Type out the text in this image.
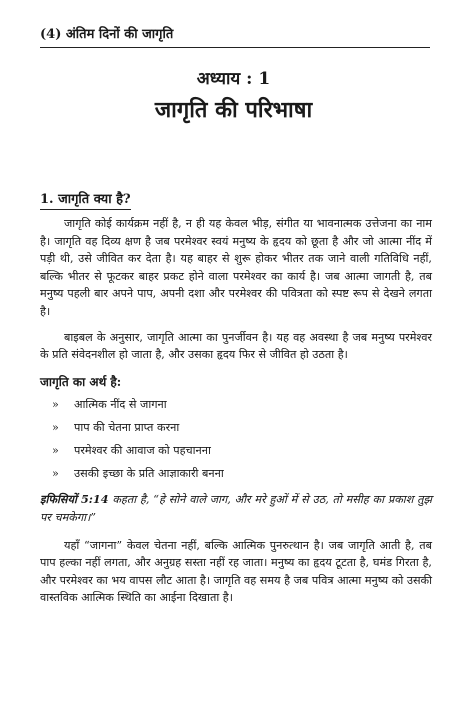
(4) अंतिम दिनों की जागृति
अध्याय : 1
जागृति की परिभाषा
1. जागृति क्या है?

जागृति कोई कार्यक्रम नहीं है, न ही यह केवल भीड़, संगीत या भावनात्मक उत्तेजना का नाम है। जागृति वह दिव्य क्षण है जब परमेश्वर स्वयं मनुष्य के हृदय को छूता है और जो आत्मा नींद में पड़ी थी, उसे जीवित कर देता है। यह बाहर से शुरू होकर भीतर तक जाने वाली गतिविधि नहीं, बल्कि भीतर से फूटकर बाहर प्रकट होने वाला परमेश्वर का कार्य है। जब आत्मा जागती है, तब मनुष्य पहली बार अपने पाप, अपनी दशा और परमेश्वर की पवित्रता को स्पष्ट रूप से देखने लगता है।

बाइबल के अनुसार, जागृति आत्मा का पुनर्जीवन है। यह वह अवस्था है जब मनुष्य परमेश्वर के प्रति संवेदनशील हो जाता है, और उसका हृदय फिर से जीवित हो उठता है।

जागृति का अर्थ है:
» आत्मिक नींद से जागना
» पाप की चेतना प्राप्त करना
» परमेश्वर की आवाज को पहचानना
» उसकी इच्छा के प्रति आज्ञाकारी बनना

इफिसियों 5:14 कहता है, “हे सोने वाले जाग, और मरे हुओं में से उठ, तो मसीह का प्रकाश तुझ पर चमकेगा।”

यहाँ “जागना” केवल चेतना नहीं, बल्कि आत्मिक पुनरुत्थान है। जब जागृति आती है, तब पाप हल्का नहीं लगता, और अनुग्रह सस्ता नहीं रह जाता। मनुष्य का हृदय टूटता है, घमंड गिरता है, और परमेश्वर का भय वापस लौट आता है। जागृति वह समय है जब पवित्र आत्मा मनुष्य को उसकी वास्तविक आत्मिक स्थिति का आईना दिखाता है।
